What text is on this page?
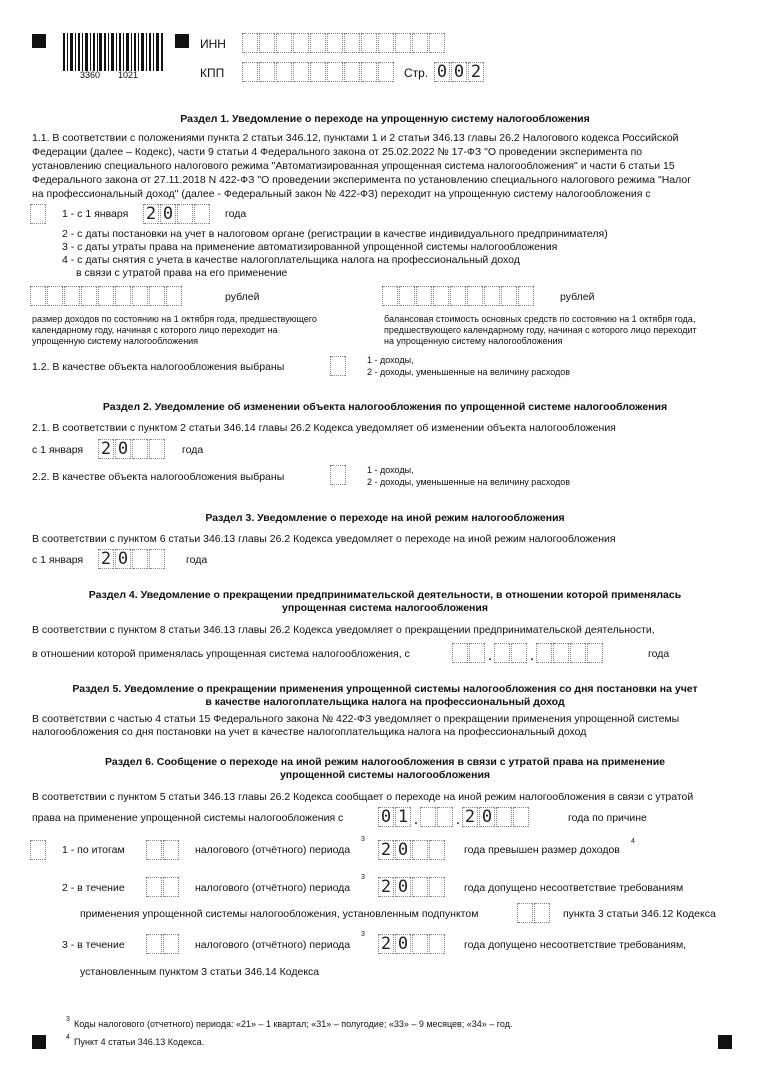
3360 1021
ИНН
КПП	Стр. 0 0 2
Раздел 1. Уведомление о переходе на упрощенную систему налогообложения
1.1. В соответствии с положениями пункта 2 статьи 346.12, пунктами 1 и 2 статьи 346.13 главы 26.2 Налогового кодекса Российской
Федерации (далее – Кодекс), части 9 статьи 4 Федерального закона от 25.02.2022 № 17-ФЗ "О проведении эксперимента по
установлению специального налогового режима "Автоматизированная упрощенная система налогообложения" и части 6 статьи 15
Федерального закона от 27.11.2018 N 422-ФЗ "О проведении эксперимента по установлению специального налогового режима "Налог
на профессиональный доход" (далее - Федеральный закон № 422-ФЗ) переходит на упрощенную систему налогообложения с
1 - с 1 января 2 0	года
2 - с даты постановки на учет в налоговом органе (регистрации в качестве индивидуального предпринимателя)
3 - с даты утраты права на применение автоматизированной упрощенной системы налогообложения
4 - с даты снятия с учета в качестве налогоплательщика налога на профессиональный доход
в связи с утратой права на его применение
рублей	рублей
размер доходов по состоянию на 1 октября года, предшествующего
календарному году, начиная с которого лицо переходит на
упрощенную систему налогообложения
балансовая стоимость основных средств по состоянию на 1 октября года,
предшествующего календарному году, начиная с которого лицо переходит
на упрощенную систему налогообложения
1.2. В качестве объекта налогообложения выбраны
1 - доходы,
2 - доходы, уменьшенные на величину расходов
Раздел 2. Уведомление об изменении объекта налогообложения по упрощенной системе налогообложения
2.1. В соответствии с пунктом 2 статьи 346.14 главы 26.2 Кодекса уведомляет об изменении объекта налогообложения
с 1 января 2 0	года
2.2. В качестве объекта налогообложения выбраны
1 - доходы,
2 - доходы, уменьшенные на величину расходов
Раздел 3. Уведомление о переходе на иной режим налогообложения
В соответствии с пунктом 6 статьи 346.13 главы 26.2 Кодекса уведомляет о переходе на иной режим налогообложения
с 1 января 2 0	года
Раздел 4. Уведомление о прекращении предпринимательской деятельности, в отношении которой применялась
упрощенная система налогообложения
В соответствии с пунктом 8 статьи 346.13 главы 26.2 Кодекса уведомляет о прекращении предпринимательской деятельности,
в отношении которой применялась упрощенная система налогообложения, с	. .	года
Раздел 5. Уведомление о прекращении применения упрощенной системы налогообложения со дня постановки на учет
в качестве налогоплательщика налога на профессиональный доход
В соответствии с частью 4 статьи 15 Федерального закона № 422-ФЗ уведомляет о прекращении применения упрощенной системы
налогообложения со дня постановки на учет в качестве налогоплательщика налога на профессиональный доход
Раздел 6. Сообщение о переходе на иной режим налогообложения в связи с утратой права на применение
упрощенной системы налогообложения
В соответствии с пунктом 5 статьи 346.13 главы 26.2 Кодекса сообщает о переходе на иной режим налогообложения в связи с утратой
права на применение упрощенной системы налогообложения с 0 1 . . 2 0	года по причине
1 - по итогам	налогового (отчётного) периода
3
2 0	года превышен размер доходов
4
2 - в течение	налогового (отчётного) периода
3 2 0	года допущено несоответствие требованиям
применения упрощенной системы налогообложения, установленным подпунктом	пункта 3 статьи 346.12 Кодекса
3 - в течение	налогового (отчётного) периода
3 2 0	года допущено несоответствие требованиям,
установленным пунктом 3 статьи 346.14 Кодекса
3 Коды налогового (отчетного) периода: «21» – 1 квартал; «31» – полугодие; «33» – 9 месяцев; «34» – год.
4 Пункт 4 статьи 346.13 Кодекса.
